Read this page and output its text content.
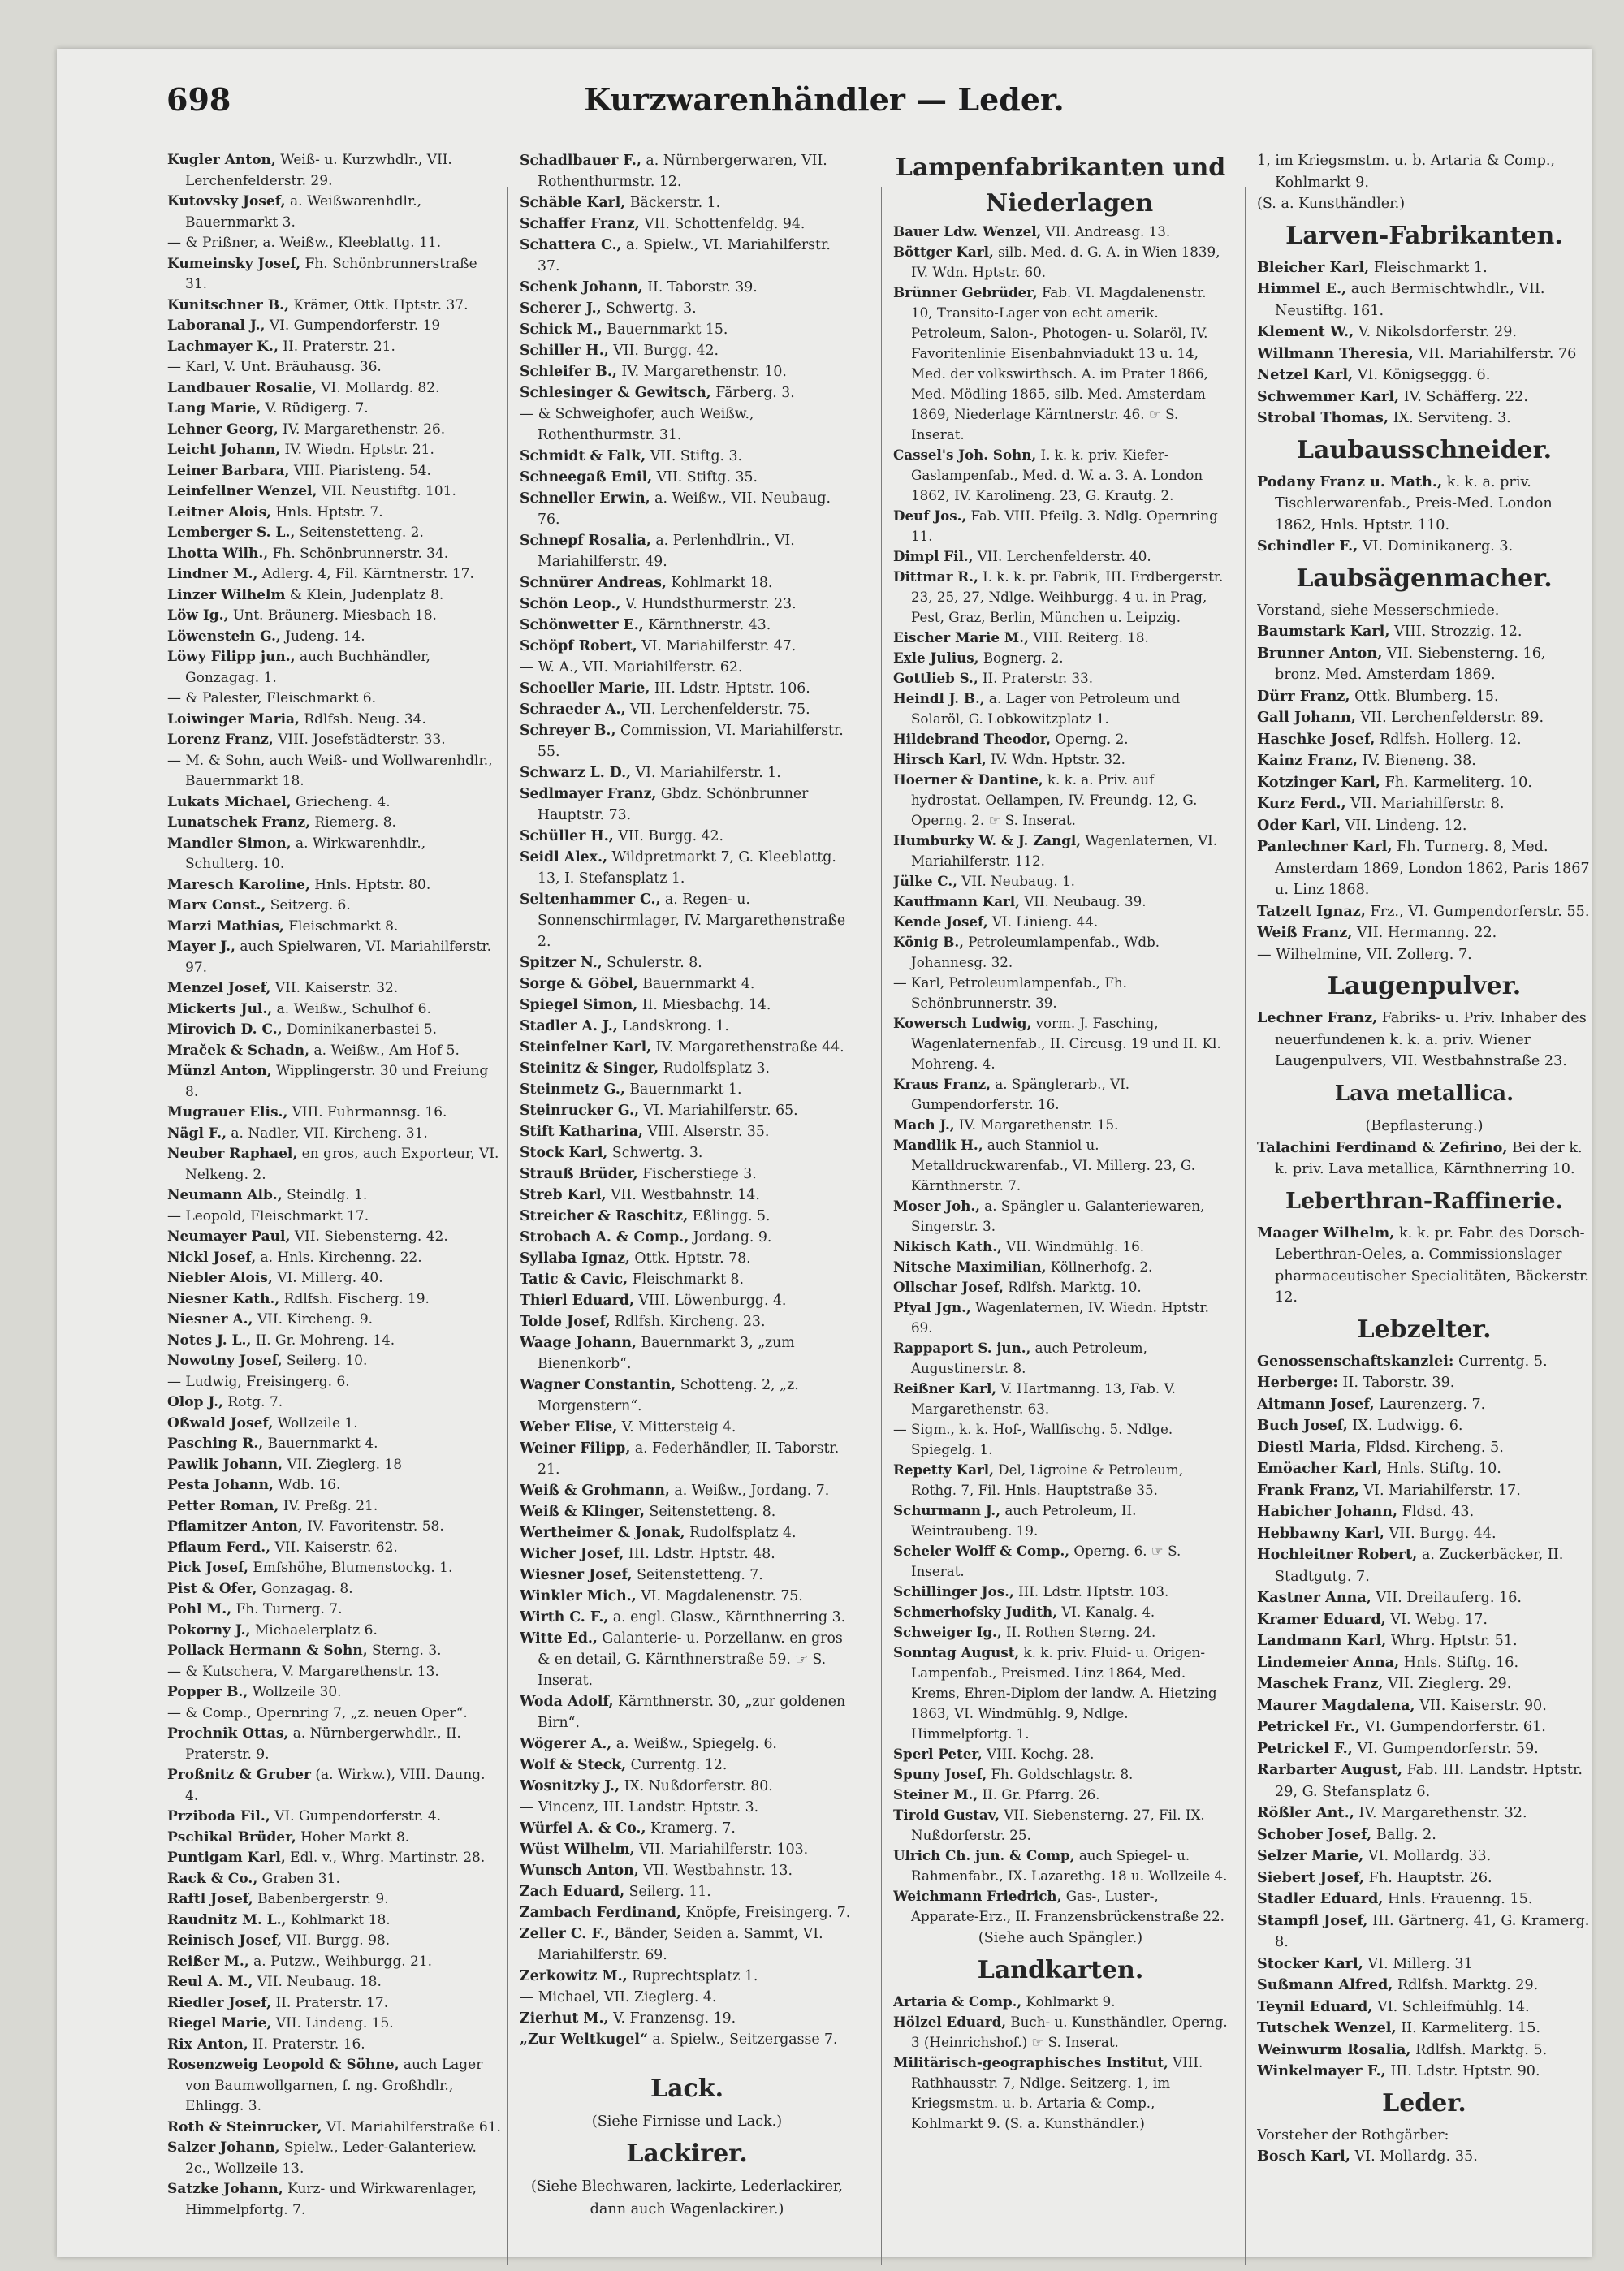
698	Kurzwarenhändler — Leder.

Kugler Anton, Weiß- u. Kurzwhdlr., VII. Lerchenfelderstr. 29.

Kutovsky Josef, a. Weißwarenhdlr., Bauernmarkt 3.

— & Prißner, a. Weißw., Kleeblattg. 11.

Kumeinsky Josef, Fh. Schönbrunnerstraße 31.

Kunitschner B., Krämer, Ottk. Hptstr. 37.

Laboranal J., VI. Gumpendorferstr. 19

Lachmayer K., II. Praterstr. 21.

— Karl, V. Unt. Bräuhausg. 36.

Landbauer Rosalie, VI. Mollardg. 82.

Lang Marie, V. Rüdigerg. 7.

Lehner Georg, IV. Margarethenstr. 26.

Leicht Johann, IV. Wiedn. Hptstr. 21.

Leiner Barbara, VIII. Piaristeng. 54.

Leinfellner Wenzel, VII. Neustiftg. 101.

Leitner Alois, Hnls. Hptstr. 7.

Lemberger S. L., Seitenstetteng. 2.

Lhotta Wilh., Fh. Schönbrunnerstr. 34.

Lindner M., Adlerg. 4, Fil. Kärntnerstr. 17.

Linzer Wilhelm & Klein, Judenplatz 8.

Löw Ig., Unt. Bräunerg. Miesbach 18.

Löwenstein G., Judeng. 14.

Löwy Filipp jun., auch Buchhändler, Gonzagag. 1.

— & Palester, Fleischmarkt 6.

Loiwinger Maria, Rdlfsh. Neug. 34.

Lorenz Franz, VIII. Josefstädterstr. 33.

— M. & Sohn, auch Weiß- und Wollwarenhdlr., Bauernmarkt 18.

Lukats Michael, Griecheng. 4.

Lunatschek Franz, Riemerg. 8.

Mandler Simon, a. Wirkwarenhdlr., Schulterg. 10.

Maresch Karoline, Hnls. Hptstr. 80.

Marx Const., Seitzerg. 6.

Marzi Mathias, Fleischmarkt 8.

Mayer J., auch Spielwaren, VI. Mariahilferstr. 97.

Menzel Josef, VII. Kaiserstr. 32.

Mickerts Jul., a. Weißw., Schulhof 6.

Mirovich D. C., Dominikanerbastei 5.

Mraček & Schadn, a. Weißw., Am Hof 5.

Münzl Anton, Wipplingerstr. 30 und Freiung 8.

Mugrauer Elis., VIII. Fuhrmannsg. 16.

Nägl F., a. Nadler, VII. Kircheng. 31.

Neuber Raphael, en gros, auch Exporteur, VI. Nelkeng. 2.

Neumann Alb., Steindlg. 1.

— Leopold, Fleischmarkt 17.

Neumayer Paul, VII. Siebensterng. 42.

Nickl Josef, a. Hnls. Kirchenng. 22.

Niebler Alois, VI. Millerg. 40.

Niesner Kath., Rdlfsh. Fischerg. 19.

Niesner A., VII. Kircheng. 9.

Notes J. L., II. Gr. Mohreng. 14.

Nowotny Josef, Seilerg. 10.

— Ludwig, Freisingerg. 6.

Olop J., Rotg. 7.

Oßwald Josef, Wollzeile 1.

Pasching R., Bauernmarkt 4.

Pawlik Johann, VII. Zieglerg. 18

Pesta Johann, Wdb. 16.

Petter Roman, IV. Preßg. 21.

Pflamitzer Anton, IV. Favoritenstr. 58.

Pflaum Ferd., VII. Kaiserstr. 62.

Pick Josef, Emfshöhe, Blumenstockg. 1.

Pist & Ofer, Gonzagag. 8.

Pohl M., Fh. Turnerg. 7.

Pokorny J., Michaelerplatz 6.

Pollack Hermann & Sohn, Sterng. 3.

— & Kutschera, V. Margarethenstr. 13.

Popper B., Wollzeile 30.

— & Comp., Opernring 7, „z. neuen Oper“.

Prochnik Ottas, a. Nürnbergerwhdlr., II. Praterstr. 9.

Proßnitz & Gruber (a. Wirkw.), VIII. Daung. 4.

Prziboda Fil., VI. Gumpendorferstr. 4.

Pschikal Brüder, Hoher Markt 8.

Puntigam Karl, Edl. v., Whrg. Martinstr. 28.

Rack & Co., Graben 31.

Raftl Josef, Babenbergerstr. 9.

Raudnitz M. L., Kohlmarkt 18.

Reinisch Josef, VII. Burgg. 98.

Reißer M., a. Putzw., Weihburgg. 21.

Reul A. M., VII. Neubaug. 18.

Riedler Josef, II. Praterstr. 17.

Riegel Marie, VII. Lindeng. 15.

Rix Anton, II. Praterstr. 16.

Rosenzweig Leopold & Söhne, auch Lager von Baumwollgarnen, f. ng. Großhdlr., Ehlingg. 3.

Roth & Steinrucker, VI. Mariahilferstraße 61.

Salzer Johann, Spielw., Leder-Galanteriew. 2c., Wollzeile 13.

Satzke Johann, Kurz- und Wirkwarenlager, Himmelpfortg. 7.

Schadlbauer F., a. Nürnbergerwaren, VII. Rothenthurmstr. 12.

Schäble Karl, Bäckerstr. 1.

Schaffer Franz, VII. Schottenfeldg. 94.

Schattera C., a. Spielw., VI. Mariahilferstr. 37.

Schenk Johann, II. Taborstr. 39.

Scherer J., Schwertg. 3.

Schick M., Bauernmarkt 15.

Schiller H., VII. Burgg. 42.

Schleifer B., IV. Margarethenstr. 10.

Schlesinger & Gewitsch, Färberg. 3.

— & Schweighofer, auch Weißw., Rothenthurmstr. 31.

Schmidt & Falk, VII. Stiftg. 3.

Schneegaß Emil, VII. Stiftg. 35.

Schneller Erwin, a. Weißw., VII. Neubaug. 76.

Schnepf Rosalia, a. Perlenhdlrin., VI. Mariahilferstr. 49.

Schnürer Andreas, Kohlmarkt 18.

Schön Leop., V. Hundsthurmerstr. 23.

Schönwetter E., Kärnthnerstr. 43.

Schöpf Robert, VI. Mariahilferstr. 47.

— W. A., VII. Mariahilferstr. 62.

Schoeller Marie, III. Ldstr. Hptstr. 106.

Schraeder A., VII. Lerchenfelderstr. 75.

Schreyer B., Commission, VI. Mariahilferstr. 55.

Schwarz L. D., VI. Mariahilferstr. 1.

Sedlmayer Franz, Gbdz. Schönbrunner Hauptstr. 73.

Schüller H., VII. Burgg. 42.

Seidl Alex., Wildpretmarkt 7, G. Kleeblattg. 13, I. Stefansplatz 1.

Seltenhammer C., a. Regen- u. Sonnenschirmlager, IV. Margarethenstraße 2.

Spitzer N., Schulerstr. 8.

Sorge & Göbel, Bauernmarkt 4.

Spiegel Simon, II. Miesbachg. 14.

Stadler A. J., Landskrong. 1.

Steinfelner Karl, IV. Margarethenstraße 44.

Steinitz & Singer, Rudolfsplatz 3.

Steinmetz G., Bauernmarkt 1.

Steinrucker G., VI. Mariahilferstr. 65.

Stift Katharina, VIII. Alserstr. 35.

Stock Karl, Schwertg. 3.

Strauß Brüder, Fischerstiege 3.

Streb Karl, VII. Westbahnstr. 14.

Streicher & Raschitz, Eßlingg. 5.

Strobach A. & Comp., Jordang. 9.

Syllaba Ignaz, Ottk. Hptstr. 78.

Tatic & Cavic, Fleischmarkt 8.

Thierl Eduard, VIII. Löwenburgg. 4.

Tolde Josef, Rdlfsh. Kircheng. 23.

Waage Johann, Bauernmarkt 3, „zum Bienenkorb“.

Wagner Constantin, Schotteng. 2, „z. Morgenstern“.

Weber Elise, V. Mittersteig 4.

Weiner Filipp, a. Federhändler, II. Taborstr. 21.

Weiß & Grohmann, a. Weißw., Jordang. 7.

Weiß & Klinger, Seitenstetteng. 8.

Wertheimer & Jonak, Rudolfsplatz 4.

Wicher Josef, III. Ldstr. Hptstr. 48.

Wiesner Josef, Seitenstetteng. 7.

Winkler Mich., VI. Magdalenenstr. 75.

Wirth C. F., a. engl. Glasw., Kärnthnerring 3.

Witte Ed., Galanterie- u. Porzellanw. en gros & en detail, G. Kärnthnerstraße 59. ☞ S. Inserat.

Woda Adolf, Kärnthnerstr. 30, „zur goldenen Birn“.

Wögerer A., a. Weißw., Spiegelg. 6.

Wolf & Steck, Currentg. 12.

Wosnitzky J., IX. Nußdorferstr. 80.

— Vincenz, III. Landstr. Hptstr. 3.

Würfel A. & Co., Kramerg. 7.

Wüst Wilhelm, VII. Mariahilferstr. 103.

Wunsch Anton, VII. Westbahnstr. 13.

Zach Eduard, Seilerg. 11.

Zambach Ferdinand, Knöpfe, Freisingerg. 7.

Zeller C. F., Bänder, Seiden a. Sammt, VI. Mariahilferstr. 69.

Zerkowitz M., Ruprechtsplatz 1.

— Michael, VII. Zieglerg. 4.

Zierhut M., V. Franzensg. 19.

„Zur Weltkugel“ a. Spielw., Seitzergasse 7.

Lack.

(Siehe Firnisse und Lack.)

Lackirer.

(Siehe Blechwaren, lackirte, Lederlackirer, dann auch Wagenlackirer.)

Lampenfabrikanten und Niederlagen

Bauer Ldw. Wenzel, VII. Andreasg. 13.

Böttger Karl, silb. Med. d. G. A. in Wien 1839, IV. Wdn. Hptstr. 60.

Brünner Gebrüder, Fab. VI. Magdalenenstr. 10, Transito-Lager von echt amerik. Petroleum, Salon-, Photogen- u. Solaröl, IV. Favoritenlinie Eisenbahnviadukt 13 u. 14, Med. der volkswirthsch. A. im Prater 1866, Med. Mödling 1865, silb. Med. Amsterdam 1869, Niederlage Kärntnerstr. 46. ☞ S. Inserat.

Cassel's Joh. Sohn, I. k. k. priv. Kiefer-Gaslampenfab., Med. d. W. a. 3. A. London 1862, IV. Karolineng. 23, G. Krautg. 2.

Deuf Jos., Fab. VIII. Pfeilg. 3. Ndlg. Opernring 11.

Dimpl Fil., VII. Lerchenfelderstr. 40.

Dittmar R., I. k. k. pr. Fabrik, III. Erdbergerstr. 23, 25, 27, Ndlge. Weihburgg. 4 u. in Prag, Pest, Graz, Berlin, München u. Leipzig.

Eischer Marie M., VIII. Reiterg. 18.

Exle Julius, Bognerg. 2.

Gottlieb S., II. Praterstr. 33.

Heindl J. B., a. Lager von Petroleum und Solaröl, G. Lobkowitzplatz 1.

Hildebrand Theodor, Operng. 2.

Hirsch Karl, IV. Wdn. Hptstr. 32.

Hoerner & Dantine, k. k. a. Priv. auf hydrostat. Oellampen, IV. Freundg. 12, G. Operng. 2. ☞ S. Inserat.

Humburky W. & J. Zangl, Wagenlaternen, VI. Mariahilferstr. 112.

Jülke C., VII. Neubaug. 1.

Kauffmann Karl, VII. Neubaug. 39.

Kende Josef, VI. Linieng. 44.

König B., Petroleumlampenfab., Wdb. Johannesg. 32.

— Karl, Petroleumlampenfab., Fh. Schönbrunnerstr. 39.

Kowersch Ludwig, vorm. J. Fasching, Wagenlaternenfab., II. Circusg. 19 und II. Kl. Mohreng. 4.

Kraus Franz, a. Spänglerarb., VI. Gumpendorferstr. 16.

Mach J., IV. Margarethenstr. 15.

Mandlik H., auch Stanniol u. Metalldruckwarenfab., VI. Millerg. 23, G. Kärnthnerstr. 7.

Moser Joh., a. Spängler u. Galanteriewaren, Singerstr. 3.

Nikisch Kath., VII. Windmühlg. 16.

Nitsche Maximilian, Köllnerhofg. 2.

Ollschar Josef, Rdlfsh. Marktg. 10.

Pfyal Jgn., Wagenlaternen, IV. Wiedn. Hptstr. 69.

Rappaport S. jun., auch Petroleum, Augustinerstr. 8.

Reißner Karl, V. Hartmanng. 13, Fab. V. Margarethenstr. 63.

— Sigm., k. k. Hof-, Wallfischg. 5. Ndlge. Spiegelg. 1.

Repetty Karl, Del, Ligroine & Petroleum, Rothg. 7, Fil. Hnls. Hauptstraße 35.

Schurmann J., auch Petroleum, II. Weintraubeng. 19.

Scheler Wolff & Comp., Operng. 6. ☞ S. Inserat.

Schillinger Jos., III. Ldstr. Hptstr. 103.

Schmerhofsky Judith, VI. Kanalg. 4.

Schweiger Ig., II. Rothen Sterng. 24.

Sonntag August, k. k. priv. Fluid- u. Origen-Lampenfab., Preismed. Linz 1864, Med. Krems, Ehren-Diplom der landw. A. Hietzing 1863, VI. Windmühlg. 9, Ndlge. Himmelpfortg. 1.

Sperl Peter, VIII. Kochg. 28.

Spuny Josef, Fh. Goldschlagstr. 8.

Steiner M., II. Gr. Pfarrg. 26.

Tirold Gustav, VII. Siebensterng. 27, Fil. IX. Nußdorferstr. 25.

Ulrich Ch. jun. & Comp, auch Spiegel- u. Rahmenfabr., IX. Lazarethg. 18 u. Wollzeile 4.

Weichmann Friedrich, Gas-, Luster-, Apparate-Erz., II. Franzensbrückenstraße 22.

(Siehe auch Spängler.)

Landkarten.

Artaria & Comp., Kohlmarkt 9.

Hölzel Eduard, Buch- u. Kunsthändler, Operng. 3 (Heinrichshof.) ☞ S. Inserat.

Militärisch-geographisches Institut, VIII. Rathhausstr. 7, Ndlge. Seitzerg. 1, im Kriegsmstm. u. b. Artaria & Comp., Kohlmarkt 9. (S. a. Kunsthändler.)

1, im Kriegsmstm. u. b. Artaria & Comp., Kohlmarkt 9.

(S. a. Kunsthändler.)

Larven-Fabrikanten.

Bleicher Karl, Fleischmarkt 1.

Himmel E., auch Bermischtwhdlr., VII. Neustiftg. 161.

Klement W., V. Nikolsdorferstr. 29.

Willmann Theresia, VII. Mariahilferstr. 76

Netzel Karl, VI. Königseggg. 6.

Schwemmer Karl, IV. Schäfferg. 22.

Strobal Thomas, IX. Serviteng. 3.

Laubausschneider.

Podany Franz u. Math., k. k. a. priv. Tischlerwarenfab., Preis-Med. London 1862, Hnls. Hptstr. 110.

Schindler F., VI. Dominikanerg. 3.

Laubsägenmacher.

Vorstand, siehe Messerschmiede.

Baumstark Karl, VIII. Strozzig. 12.

Brunner Anton, VII. Siebensterng. 16, bronz. Med. Amsterdam 1869.

Dürr Franz, Ottk. Blumberg. 15.

Gall Johann, VII. Lerchenfelderstr. 89.

Haschke Josef, Rdlfsh. Hollerg. 12.

Kainz Franz, IV. Bieneng. 38.

Kotzinger Karl, Fh. Karmeliterg. 10.

Kurz Ferd., VII. Mariahilferstr. 8.

Oder Karl, VII. Lindeng. 12.

Panlechner Karl, Fh. Turnerg. 8, Med. Amsterdam 1869, London 1862, Paris 1867 u. Linz 1868.

Tatzelt Ignaz, Frz., VI. Gumpendorferstr. 55.

Weiß Franz, VII. Hermanng. 22.

— Wilhelmine, VII. Zollerg. 7.

Laugenpulver.

Lechner Franz, Fabriks- u. Priv. Inhaber des neuerfundenen k. k. a. priv. Wiener Laugenpulvers, VII. Westbahnstraße 23.

Lava metallica.

(Bepflasterung.)

Talachini Ferdinand & Zefirino, Bei der k. k. priv. Lava metallica, Kärnthnerring 10.

Leberthran-Raffinerie.

Maager Wilhelm, k. k. pr. Fabr. des Dorsch-Leberthran-Oeles, a. Commissionslager pharmaceutischer Specialitäten, Bäckerstr. 12.

Lebzelter.

Genossenschaftskanzlei: Currentg. 5.

Herberge: II. Taborstr. 39.

Aitmann Josef, Laurenzerg. 7.

Buch Josef, IX. Ludwigg. 6.

Diestl Maria, Fldsd. Kircheng. 5.

Emöacher Karl, Hnls. Stiftg. 10.

Frank Franz, VI. Mariahilferstr. 17.

Habicher Johann, Fldsd. 43.

Hebbawny Karl, VII. Burgg. 44.

Hochleitner Robert, a. Zuckerbäcker, II. Stadtgutg. 7.

Kastner Anna, VII. Dreilauferg. 16.

Kramer Eduard, VI. Webg. 17.

Landmann Karl, Whrg. Hptstr. 51.

Lindemeier Anna, Hnls. Stiftg. 16.

Maschek Franz, VII. Zieglerg. 29.

Maurer Magdalena, VII. Kaiserstr. 90.

Petrickel Fr., VI. Gumpendorferstr. 61.

Petrickel F., VI. Gumpendorferstr. 59.

Rarbarter August, Fab. III. Landstr. Hptstr. 29, G. Stefansplatz 6.

Rößler Ant., IV. Margarethenstr. 32.

Schober Josef, Ballg. 2.

Selzer Marie, VI. Mollardg. 33.

Siebert Josef, Fh. Hauptstr. 26.

Stadler Eduard, Hnls. Frauenng. 15.

Stampfl Josef, III. Gärtnerg. 41, G. Kramerg. 8.

Stocker Karl, VI. Millerg. 31

Sußmann Alfred, Rdlfsh. Marktg. 29.

Teynil Eduard, VI. Schleifmühlg. 14.

Tutschek Wenzel, II. Karmeliterg. 15.

Weinwurm Rosalia, Rdlfsh. Marktg. 5.

Winkelmayer F., III. Ldstr. Hptstr. 90.

Leder.

Vorsteher der Rothgärber:

Bosch Karl, VI. Mollardg. 35.
